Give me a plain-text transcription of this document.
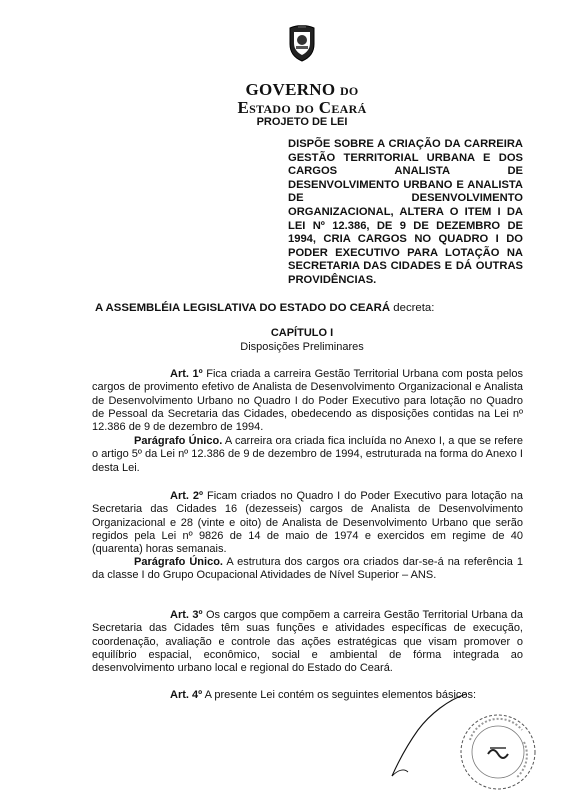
GOVERNO DO
ESTADO DO CEARÁ
PROJETO DE LEI

DISPÕE SOBRE A CRIAÇÃO DA CARREIRA GESTÃO TERRITORIAL URBANA E DOS CARGOS ANALISTA DE DESENVOLVIMENTO URBANO E ANALISTA DE DESENVOLVIMENTO ORGANIZACIONAL, ALTERA O ITEM I DA LEI Nº 12.386, DE 9 DE DEZEMBRO DE 1994, CRIA CARGOS NO QUADRO I DO PODER EXECUTIVO PARA LOTAÇÃO NA SECRETARIA DAS CIDADES E DÁ OUTRAS PROVIDÊNCIAS.

A ASSEMBLÉIA LEGISLATIVA DO ESTADO DO CEARÁ decreta:

CAPÍTULO I

Disposições Preliminares

Art. 1º Fica criada a carreira Gestão Territorial Urbana com posta pelos cargos de provimento efetivo de Analista de Desenvolvimento Organizacional e Analista de Desenvolvimento Urbano no Quadro I do Poder Executivo para lotação no Quadro de Pessoal da Secretaria das Cidades, obedecendo as disposições contidas na Lei nº 12.386 de 9 de dezembro de 1994.

Parágrafo Único. A carreira ora criada fica incluída no Anexo I, a que se refere o artigo 5º da Lei nº 12.386 de 9 de dezembro de 1994, estruturada na forma do Anexo I desta Lei.

Art. 2º Ficam criados no Quadro I do Poder Executivo para lotação na Secretaria das Cidades 16 (dezesseis) cargos de Analista de Desenvolvimento Organizacional e 28 (vinte e oito) de Analista de Desenvolvimento Urbano que serão regidos pela Lei nº 9826 de 14 de maio de 1974 e exercidos em regime de 40 (quarenta) horas semanais.

Parágrafo Único. A estrutura dos cargos ora criados dar-se-á na referência 1 da classe I do Grupo Ocupacional Atividades de Nível Superior – ANS.

Art. 3º Os cargos que compõem a carreira Gestão Territorial Urbana da Secretaria das Cidades têm suas funções e atividades específicas de execução, coordenação, avaliação e controle das ações estratégicas que visam promover o equilíbrio espacial, econômico, social e ambiental de fórma integrada ao desenvolvimento urbano local e regional do Estado do Ceará.

Art. 4º A presente Lei contém os seguintes elementos básicos:
